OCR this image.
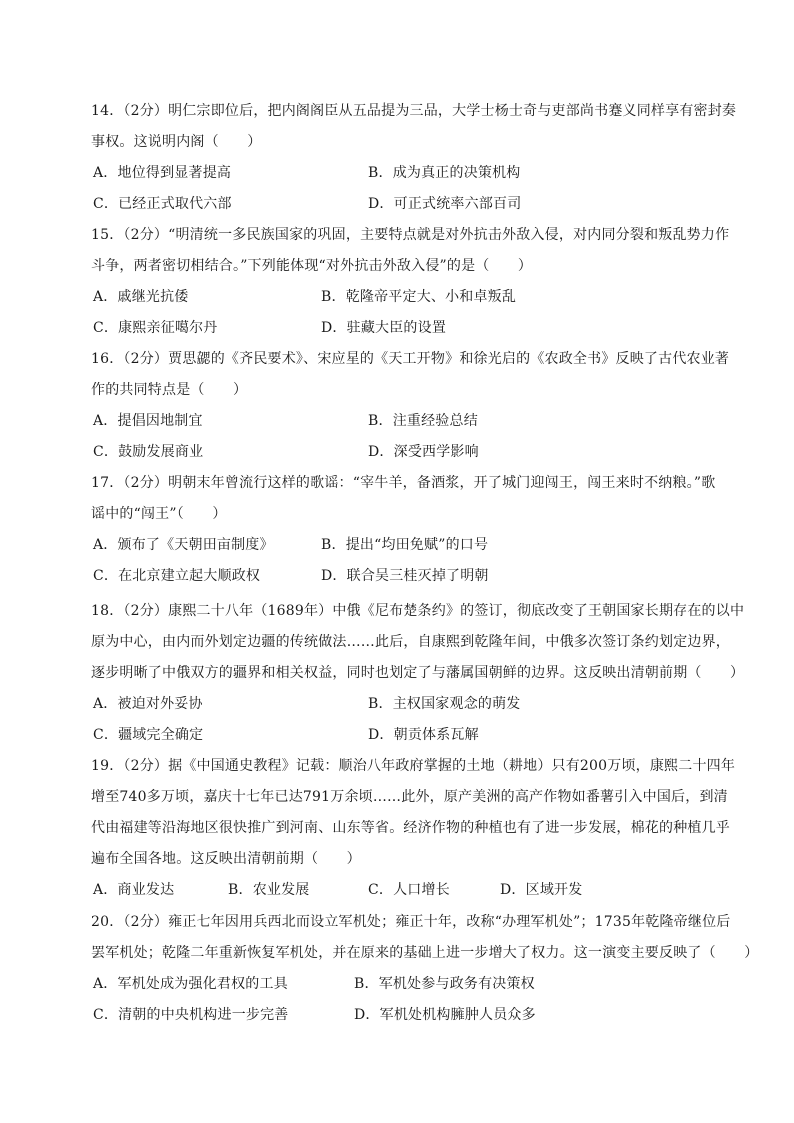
14．（2分）明仁宗即位后，把内阁阁臣从五品提为三品，大学士杨士奇与吏部尚书蹇义同样享有密封奏
事权。这说明内阁（　　）
A．地位得到显著提高	B．成为真正的决策机构
C．已经正式取代六部	D．可正式统率六部百司
15．（2分）“明清统一多民族国家的巩固，主要特点就是对外抗击外敌入侵，对内同分裂和叛乱势力作
斗争，两者密切相结合。”下列能体现“对外抗击外敌入侵”的是（　　）
A．戚继光抗倭	B．乾隆帝平定大、小和卓叛乱
C．康熙亲征噶尔丹	D．驻藏大臣的设置
16．（2分）贾思勰的《齐民要术》、宋应星的《天工开物》和徐光启的《农政全书》反映了古代农业著
作的共同特点是（　　）
A．提倡因地制宜	B．注重经验总结
C．鼓励发展商业	D．深受西学影响
17．（2分）明朝末年曾流行这样的歌谣：“宰牛羊，备酒浆，开了城门迎闯王，闯王来时不纳粮。”歌
谣中的“闯王”（　　）
A．颁布了《天朝田亩制度》	B．提出“均田免赋”的口号
C．在北京建立起大顺政权	D．联合吴三桂灭掉了明朝
18．（2分）康熙二十八年（1689年）中俄《尼布楚条约》的签订，彻底改变了王朝国家长期存在的以中
原为中心，由内而外划定边疆的传统做法……此后，自康熙到乾隆年间，中俄多次签订条约划定边界，
逐步明晰了中俄双方的疆界和相关权益，同时也划定了与藩属国朝鲜的边界。这反映出清朝前期（　　）
A．被迫对外妥协	B．主权国家观念的萌发
C．疆域完全确定	D．朝贡体系瓦解
19．（2分）据《中国通史教程》记载：顺治八年政府掌握的土地（耕地）只有200万顷，康熙二十四年
增至740多万顷，嘉庆十七年已达791万余顷……此外，原产美洲的高产作物如番薯引入中国后，到清
代由福建等沿海地区很快推广到河南、山东等省。经济作物的种植也有了进一步发展，棉花的种植几乎
遍布全国各地。这反映出清朝前期（　　）
A．商业发达	B．农业发展	C．人口增长	D．区域开发
20．（2分）雍正七年因用兵西北而设立军机处；雍正十年，改称“办理军机处”；1735年乾隆帝继位后
罢军机处；乾隆二年重新恢复军机处，并在原来的基础上进一步增大了权力。这一演变主要反映了（　　）
A．军机处成为强化君权的工具	B．军机处参与政务有决策权
C．清朝的中央机构进一步完善	D．军机处机构臃肿人员众多
